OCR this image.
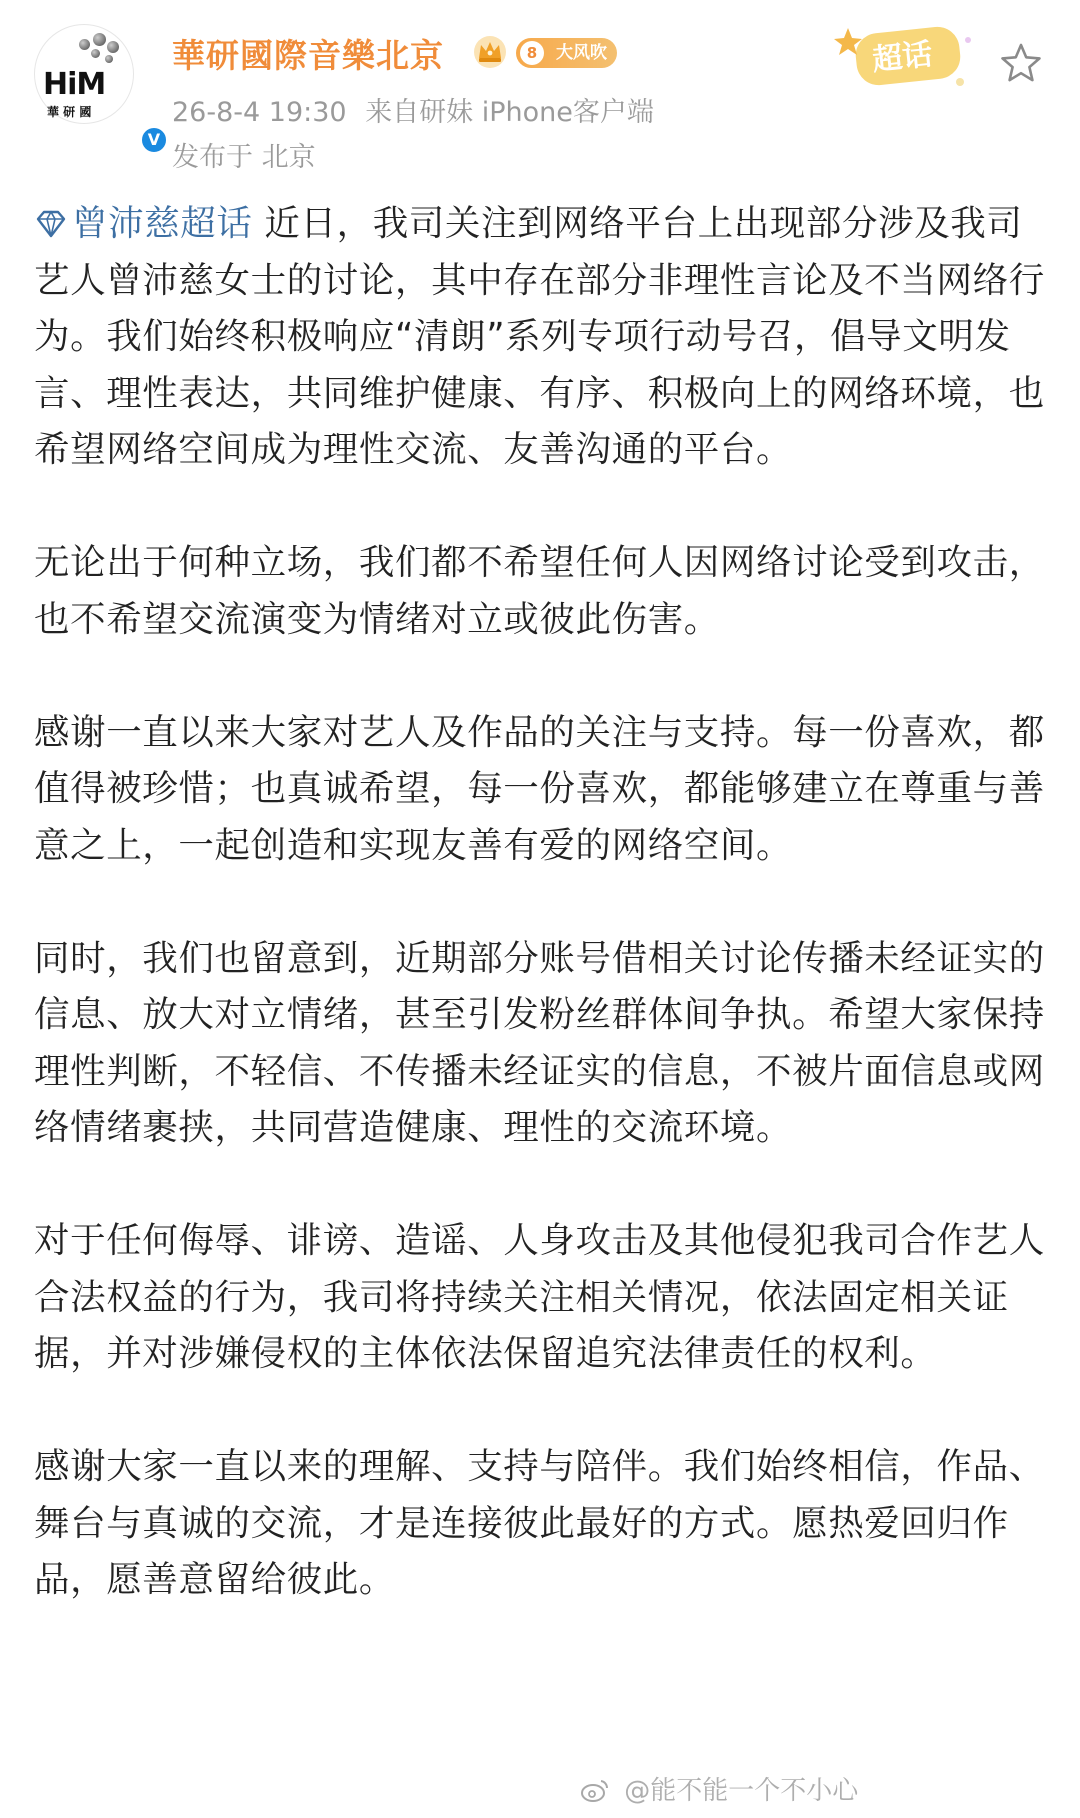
HiM
華 研 國
V
華研國際音樂北京	8	大风吹
26-8-4 19:30 来自研妹 iPhone客户端
发布于 北京
超话

曾沛慈超话 近日，我司关注到网络平台上出现部分涉及我司艺人曾沛慈女士的讨论，其中存在部分非理性言论及不当网络行为。我们始终积极响应“清朗”系列专项行动号召，倡导文明发言、理性表达，共同维护健康、有序、积极向上的网络环境，也希望网络空间成为理性交流、友善沟通的平台。

无论出于何种立场，我们都不希望任何人因网络讨论受到攻击，也不希望交流演变为情绪对立或彼此伤害。

感谢一直以来大家对艺人及作品的关注与支持。每一份喜欢，都值得被珍惜；也真诚希望，每一份喜欢，都能够建立在尊重与善意之上，一起创造和实现友善有爱的网络空间。

同时，我们也留意到，近期部分账号借相关讨论传播未经证实的信息、放大对立情绪，甚至引发粉丝群体间争执。希望大家保持理性判断，不轻信、不传播未经证实的信息，不被片面信息或网络情绪裹挟，共同营造健康、理性的交流环境。

对于任何侮辱、诽谤、造谣、人身攻击及其他侵犯我司合作艺人合法权益的行为，我司将持续关注相关情况，依法固定相关证据，并对涉嫌侵权的主体依法保留追究法律责任的权利。

感谢大家一直以来的理解、支持与陪伴。我们始终相信，作品、舞台与真诚的交流，才是连接彼此最好的方式。愿热爱回归作品，愿善意留给彼此。

@能不能一个不小心
